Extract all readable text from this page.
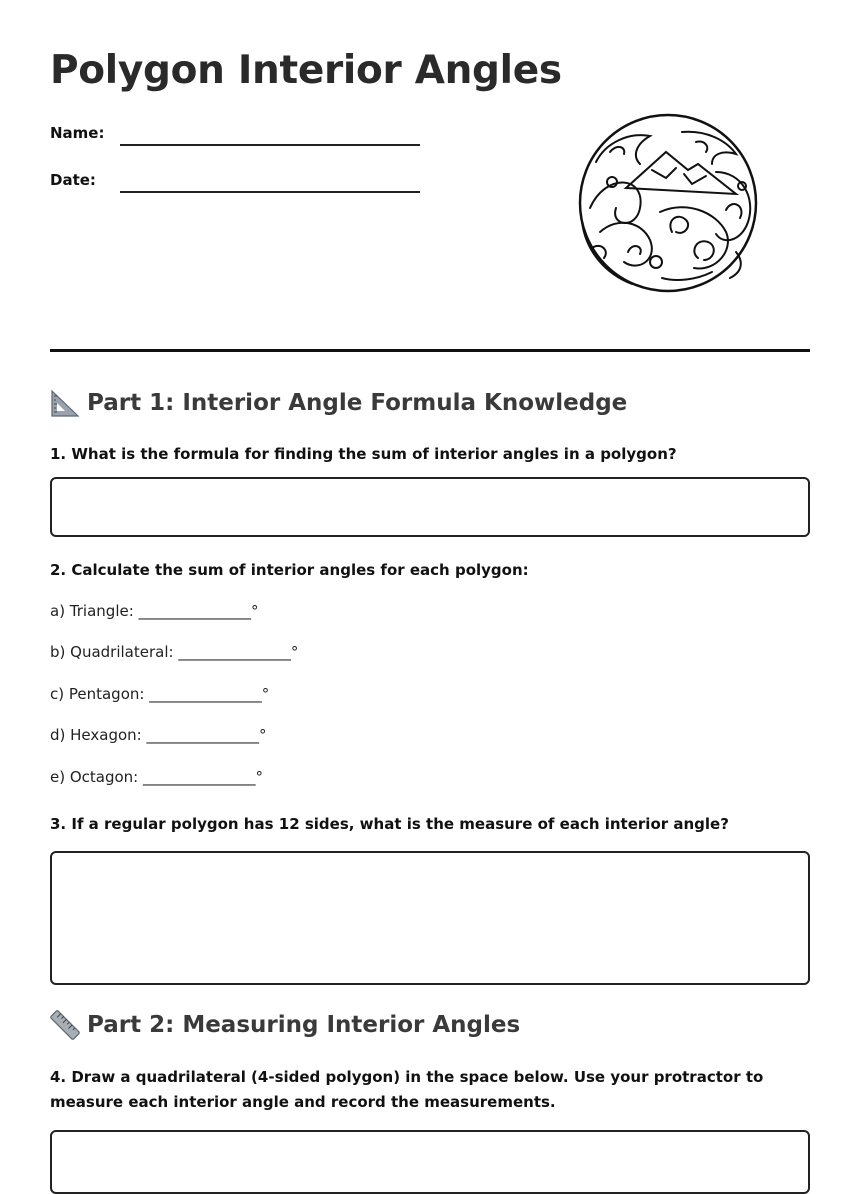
Polygon Interior Angles
Name:
Date:
Part 1: Interior Angle Formula Knowledge
1. What is the formula for finding the sum of interior angles in a polygon?
2. Calculate the sum of interior angles for each polygon:
a) Triangle: _______________°
b) Quadrilateral: _______________°
c) Pentagon: _______________°
d) Hexagon: _______________°
e) Octagon: _______________°
3. If a regular polygon has 12 sides, what is the measure of each interior angle?
Part 2: Measuring Interior Angles
4. Draw a quadrilateral (4-sided polygon) in the space below. Use your protractor to measure each interior angle and record the measurements.
